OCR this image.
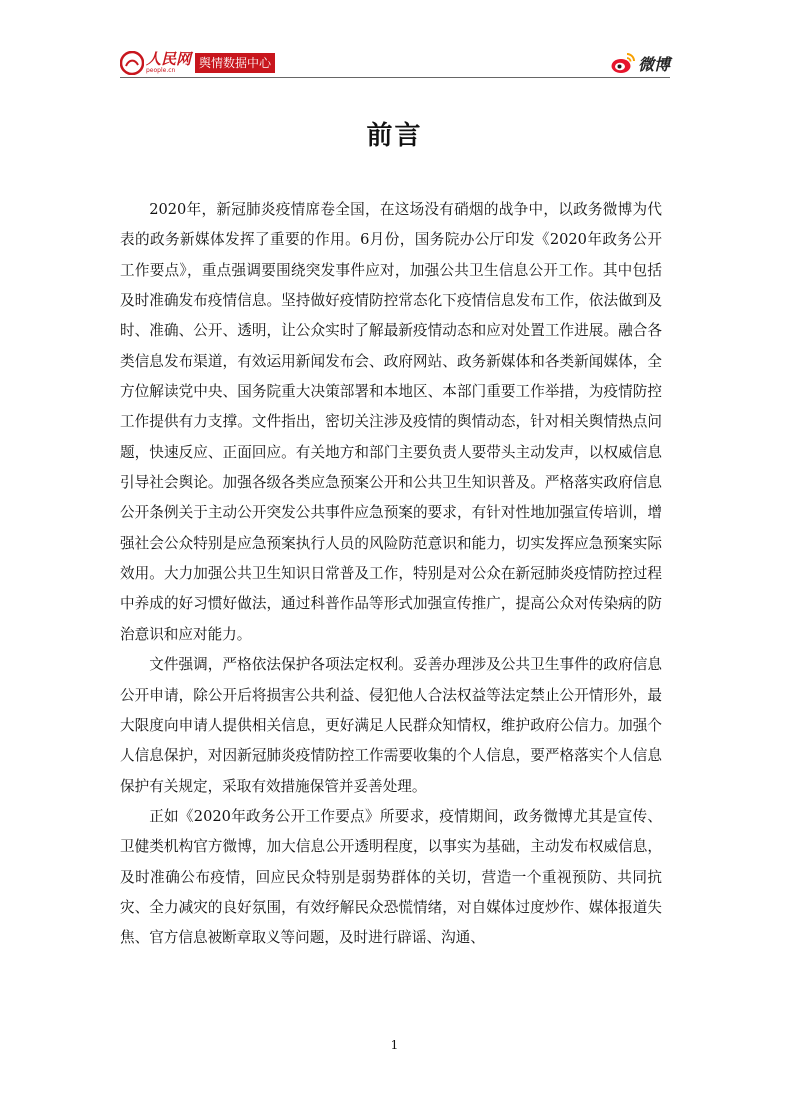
人民网
people.cn
舆情数据中心	微博
前言

2020年，新冠肺炎疫情席卷全国，在这场没有硝烟的战争中，以政务微博为代表的政务新媒体发挥了重要的作用。6月份，国务院办公厅印发《2020年政务公开工作要点》，重点强调要围绕突发事件应对，加强公共卫生信息公开工作。其中包括及时准确发布疫情信息。坚持做好疫情防控常态化下疫情信息发布工作，依法做到及时、准确、公开、透明，让公众实时了解最新疫情动态和应对处置工作进展。融合各类信息发布渠道，有效运用新闻发布会、政府网站、政务新媒体和各类新闻媒体，全方位解读党中央、国务院重大决策部署和本地区、本部门重要工作举措，为疫情防控工作提供有力支撑。文件指出，密切关注涉及疫情的舆情动态，针对相关舆情热点问题，快速反应、正面回应。有关地方和部门主要负责人要带头主动发声，以权威信息引导社会舆论。加强各级各类应急预案公开和公共卫生知识普及。严格落实政府信息公开条例关于主动公开突发公共事件应急预案的要求，有针对性地加强宣传培训，增强社会公众特别是应急预案执行人员的风险防范意识和能力，切实发挥应急预案实际效用。大力加强公共卫生知识日常普及工作，特别是对公众在新冠肺炎疫情防控过程中养成的好习惯好做法，通过科普作品等形式加强宣传推广，提高公众对传染病的防治意识和应对能力。

文件强调，严格依法保护各项法定权利。妥善办理涉及公共卫生事件的政府信息公开申请，除公开后将损害公共利益、侵犯他人合法权益等法定禁止公开情形外，最大限度向申请人提供相关信息，更好满足人民群众知情权，维护政府公信力。加强个人信息保护，对因新冠肺炎疫情防控工作需要收集的个人信息，要严格落实个人信息保护有关规定，采取有效措施保管并妥善处理。

正如《2020年政务公开工作要点》所要求，疫情期间，政务微博尤其是宣传、卫健类机构官方微博，加大信息公开透明程度，以事实为基础，主动发布权威信息，及时准确公布疫情，回应民众特别是弱势群体的关切，营造一个重视预防、共同抗灾、全力减灾的良好氛围，有效纾解民众恐慌情绪，对自媒体过度炒作、媒体报道失焦、官方信息被断章取义等问题，及时进行辟谣、沟通、

1
